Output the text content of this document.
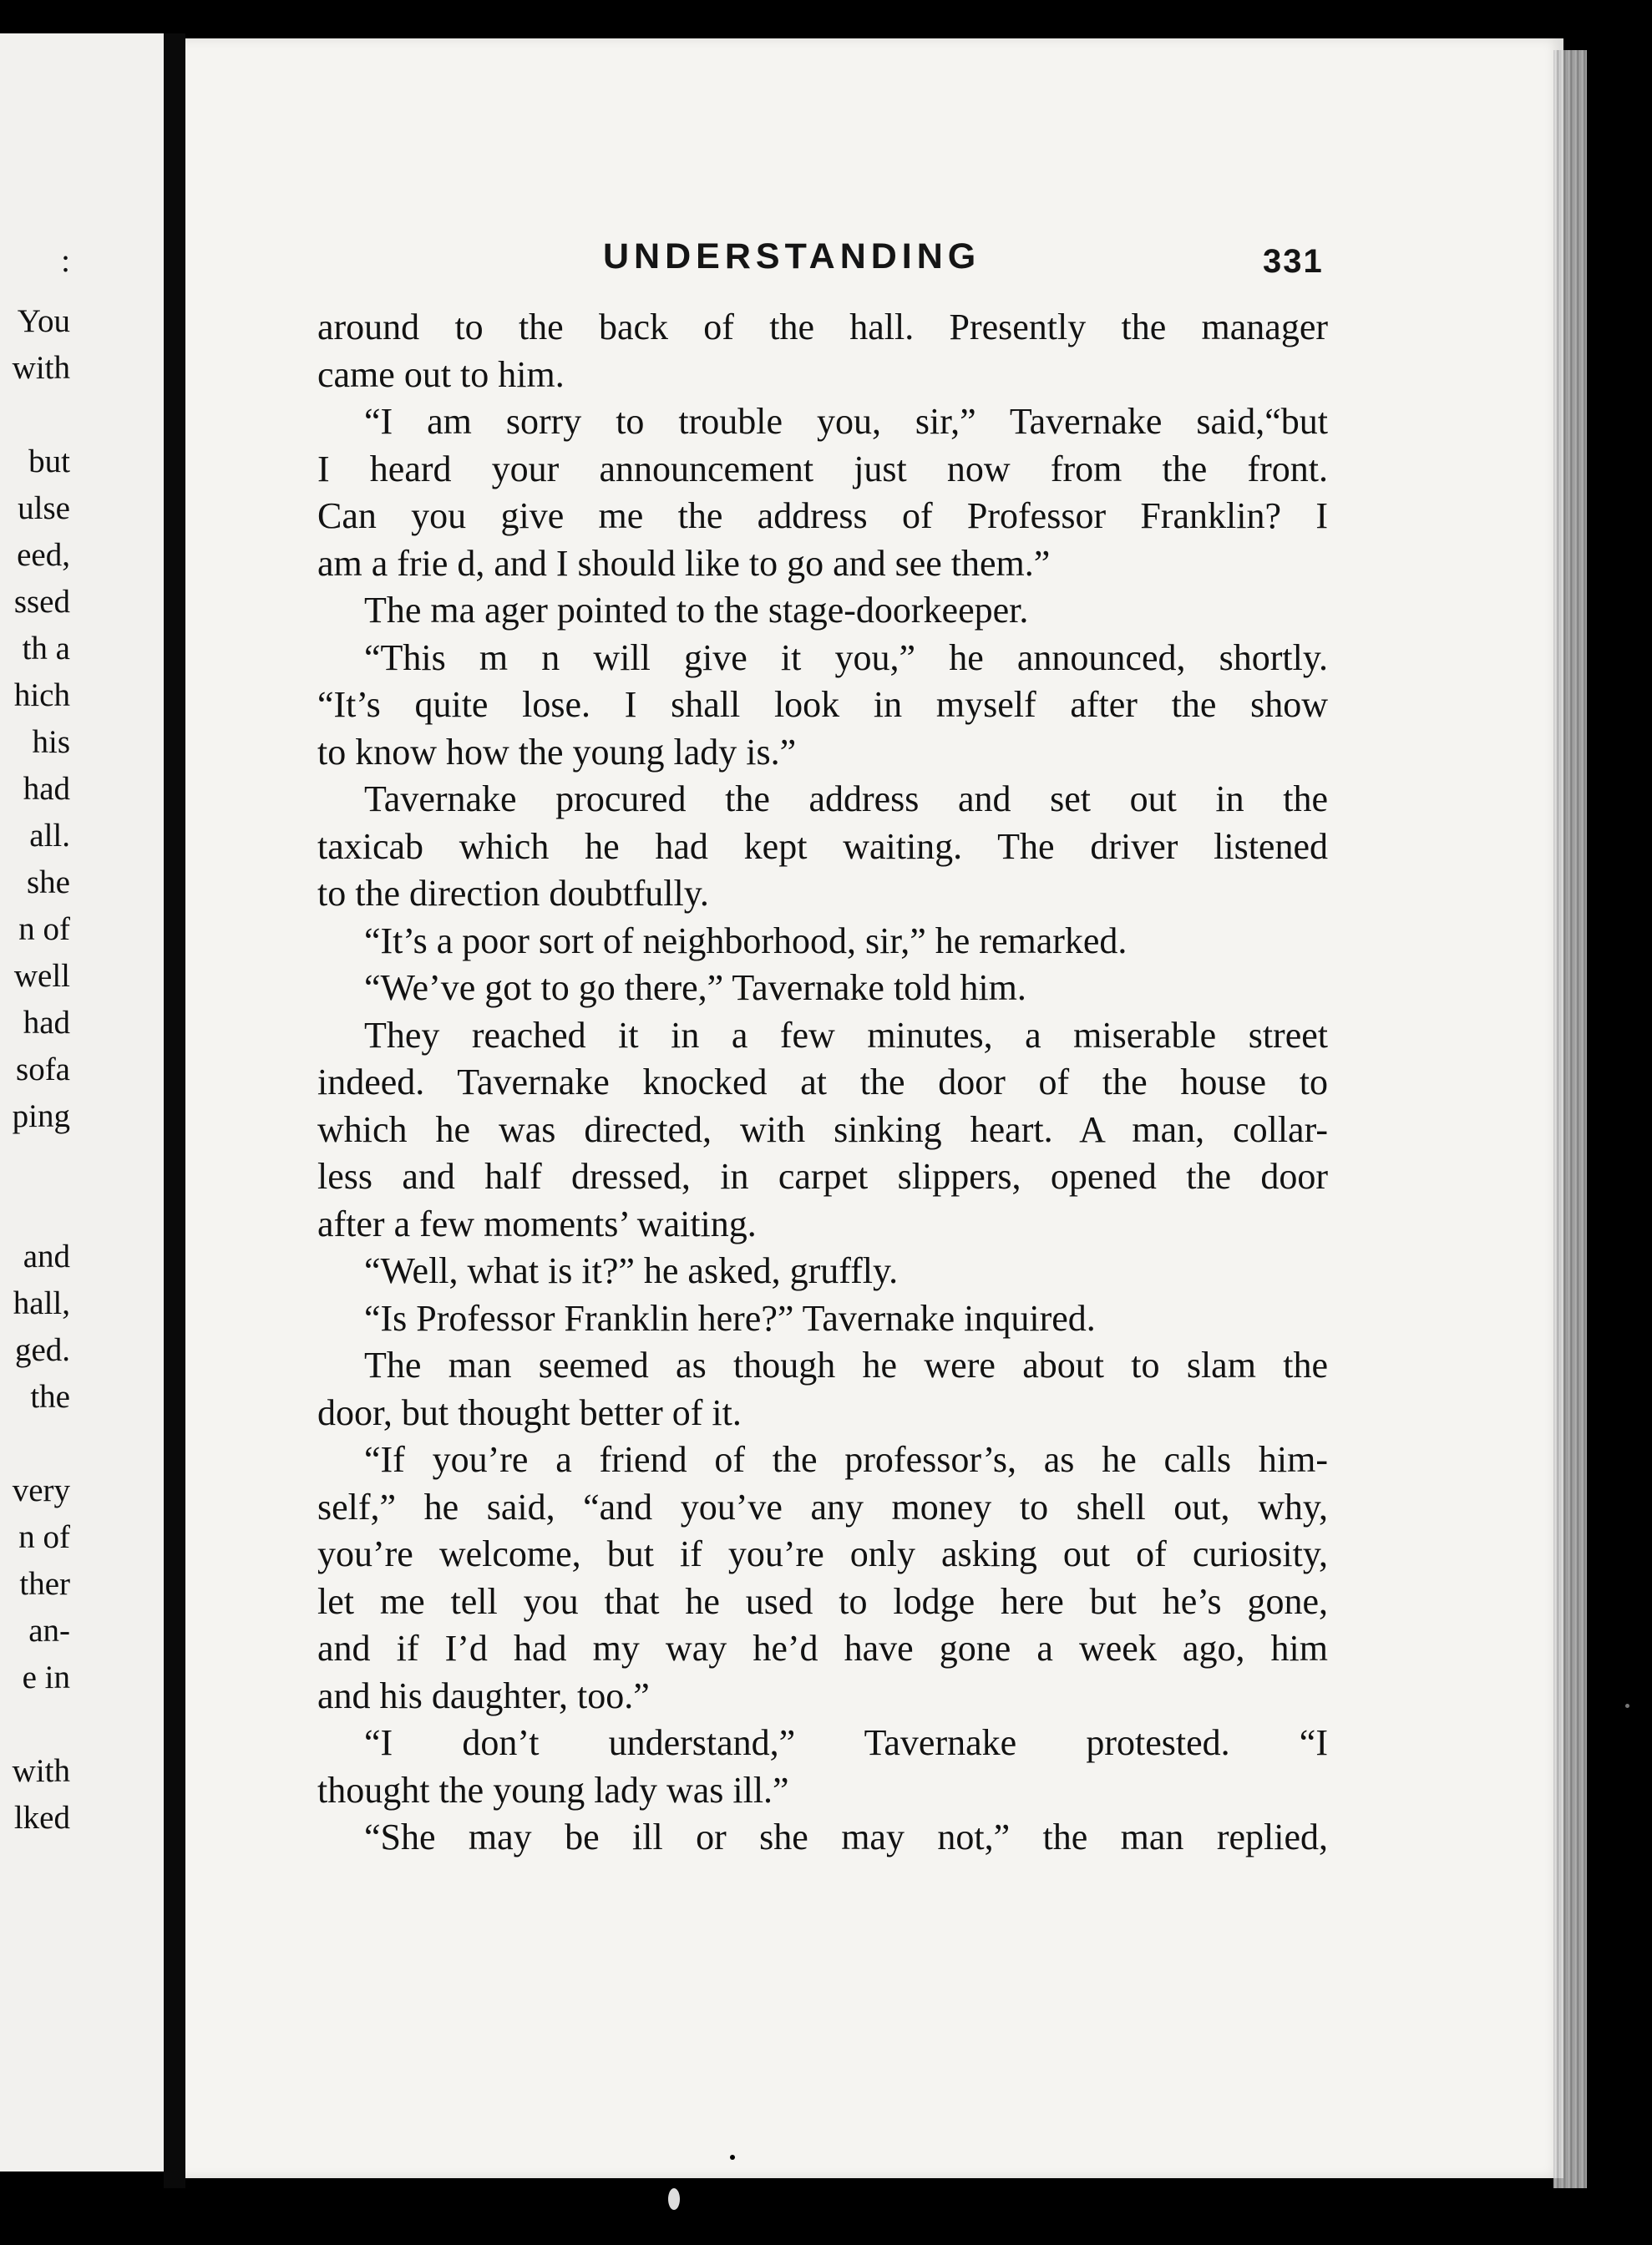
:
You
with
but
ulse
eed,
ssed
th a
hich
his
had
all.
she
n of
well
had
sofa
ping
and
hall,
ged.
the
very
n of
ther
an-
e in
with
lked
UNDERSTANDING	331
around to the back of the hall. Presently the manager
came out to him.
“I am sorry to trouble you, sir,” Tavernake said,“but
I heard your announcement just now from the front.
Can you give me the address of Professor Franklin? I
am a frie d, and I should like to go and see them.”
The ma ager pointed to the stage-doorkeeper.
“This m n will give it you,” he announced, shortly.
“It’s quite lose. I shall look in myself after the show
to know how the young lady is.”
Tavernake procured the address and set out in the
taxicab which he had kept waiting. The driver listened
to the direction doubtfully.
“It’s a poor sort of neighborhood, sir,” he remarked.
“We’ve got to go there,” Tavernake told him.
They reached it in a few minutes, a miserable street
indeed. Tavernake knocked at the door of the house to
which he was directed, with sinking heart. A man, collar-
less and half dressed, in carpet slippers, opened the door
after a few moments’ waiting.
“Well, what is it?” he asked, gruffly.
“Is Professor Franklin here?” Tavernake inquired.
The man seemed as though he were about to slam the
door, but thought better of it.
“If you’re a friend of the professor’s, as he calls him-
self,” he said, “and you’ve any money to shell out, why,
you’re welcome, but if you’re only asking out of curiosity,
let me tell you that he used to lodge here but he’s gone,
and if I’d had my way he’d have gone a week ago, him
and his daughter, too.”
“I don’t understand,” Tavernake protested. “I
thought the young lady was ill.”
“She may be ill or she may not,” the man replied,
